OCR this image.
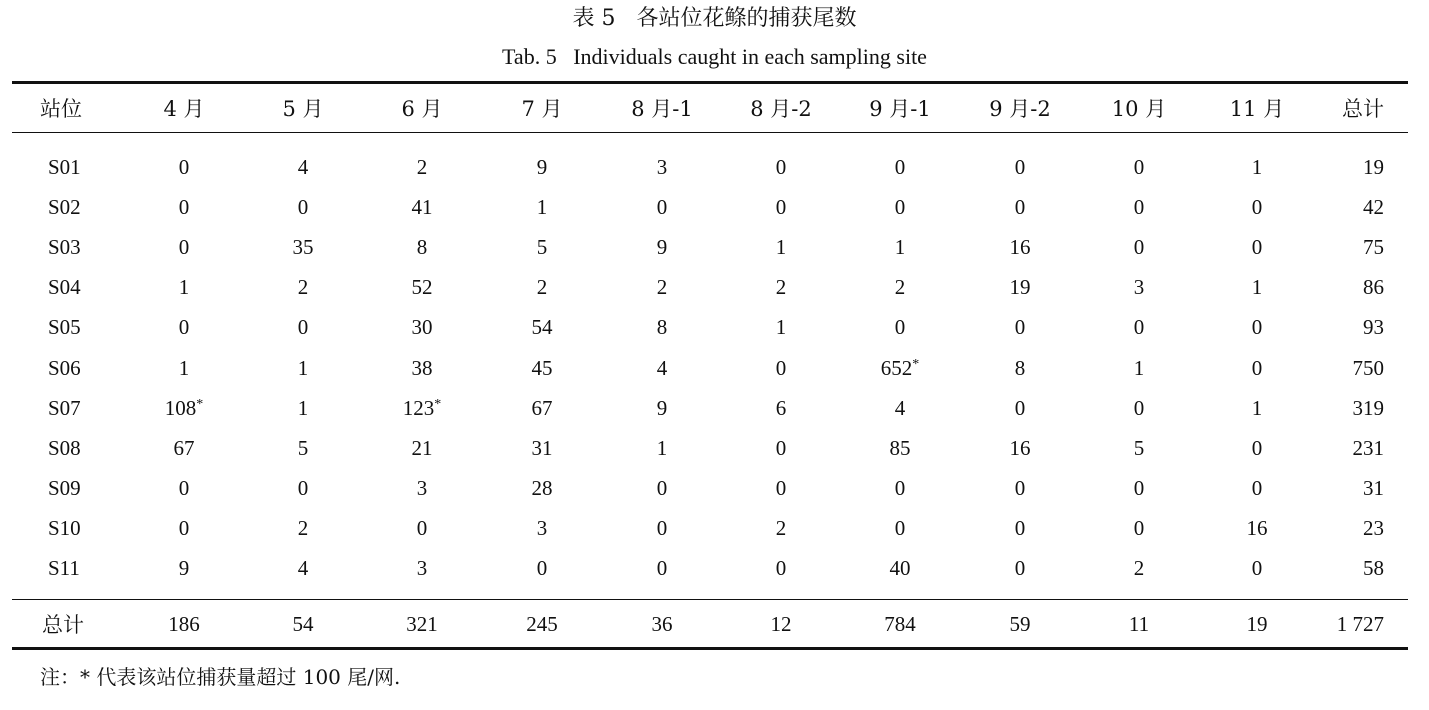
表 5   各站位花鲦的捕获尾数
Tab. 5   Individuals caught in each sampling site
站位	4 月	5 月	6 月	7 月	8 月-1	8 月-2	9 月-1	9 月-2	10 月	11 月	总计
S01	0	4	2	9	3	0	0	0	0	1	19
S02	0	0	41	1	0	0	0	0	0	0	42
S03	0	35	8	5	9	1	1	16	0	0	75
S04	1	2	52	2	2	2	2	19	3	1	86
S05	0	0	30	54	8	1	0	0	0	0	93
S06	1	1	38	45	4	0	652*	8	1	0	750
S07	108*	1	123*	67	9	6	4	0	0	1	319
S08	67	5	21	31	1	0	85	16	5	0	231
S09	0	0	3	28	0	0	0	0	0	0	31
S10	0	2	0	3	0	2	0	0	0	16	23
S11	9	4	3	0	0	0	40	0	2	0	58
总计	186	54	321	245	36	12	784	59	11	19	1 727
注：* 代表该站位捕获量超过 100 尾/网.
